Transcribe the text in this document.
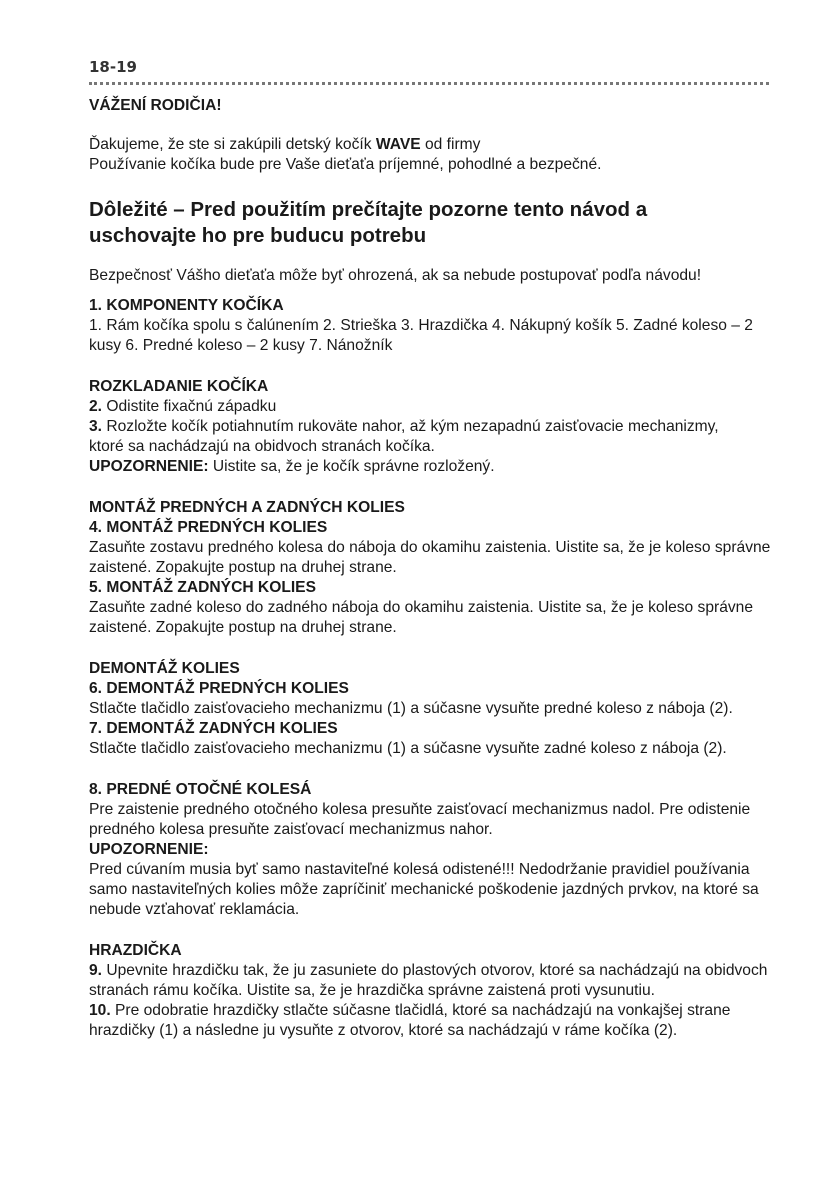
18-19
VÁŽENÍ RODIČIA!

Ďakujeme, že ste si zakúpili detský kočík WAVE od firmy
Používanie kočíka bude pre Vaše dieťaťa príjemné, pohodlné a bezpečné.

Dôležité – Pred použitím prečítajte pozorne tento návod a uschovajte ho pre buducu potrebu

Bezpečnosť Vášho dieťaťa môže byť ohrozená, ak sa nebude postupovať podľa návodu!

1. KOMPONENTY KOČÍKA

1. Rám kočíka spolu s čalúnením 2. Strieška 3. Hrazdička 4. Nákupný košík 5. Zadné koleso – 2 kusy 6. Predné koleso – 2 kusy 7. Nánožník

ROZKLADANIE KOČÍKA

2. Odistite fixačnú západku

3. Rozložte kočík potiahnutím rukoväte nahor, až kým nezapadnú zaisťovacie mechanizmy, ktoré sa nachádzajú na obidvoch stranách kočíka.

UPOZORNENIE: Uistite sa, že je kočík správne rozložený.

MONTÁŽ PREDNÝCH A ZADNÝCH KOLIES
4. MONTÁŽ PREDNÝCH KOLIES

Zasuňte zostavu predného kolesa do náboja do okamihu zaistenia. Uistite sa, že je koleso správne zaistené. Zopakujte postup na druhej strane.

5. MONTÁŽ ZADNÝCH KOLIES

Zasuňte zadné koleso do zadného náboja do okamihu zaistenia. Uistite sa, že je koleso správne zaistené. Zopakujte postup na druhej strane.

DEMONTÁŽ KOLIES
6. DEMONTÁŽ PREDNÝCH KOLIES

Stlačte tlačidlo zaisťovacieho mechanizmu (1) a súčasne vysuňte predné koleso z náboja (2).

7. DEMONTÁŽ ZADNÝCH KOLIES

Stlačte tlačidlo zaisťovacieho mechanizmu (1) a súčasne vysuňte zadné koleso z náboja (2).

8. PREDNÉ OTOČNÉ KOLESÁ

Pre zaistenie predného otočného kolesa presuňte zaisťovací mechanizmus nadol. Pre odistenie predného kolesa presuňte zaisťovací mechanizmus nahor.

UPOZORNENIE:

Pred cúvaním musia byť samo nastaviteľné kolesá odistené!!! Nedodržanie pravidiel používania samo nastaviteľných kolies môže zapríčiniť mechanické poškodenie jazdných prvkov, na ktoré sa nebude vzťahovať reklamácia.

HRAZDIČKA

9. Upevnite hrazdičku tak, že ju zasuniete do plastových otvorov, ktoré sa nachádzajú na obidvoch stranách rámu kočíka. Uistite sa, že je hrazdička správne zaistená proti vysunutiu.

10. Pre odobratie hrazdičky stlačte súčasne tlačidlá, ktoré sa nachádzajú na vonkajšej strane hrazdičky (1) a následne ju vysuňte z otvorov, ktoré sa nachádzajú v ráme kočíka (2).
